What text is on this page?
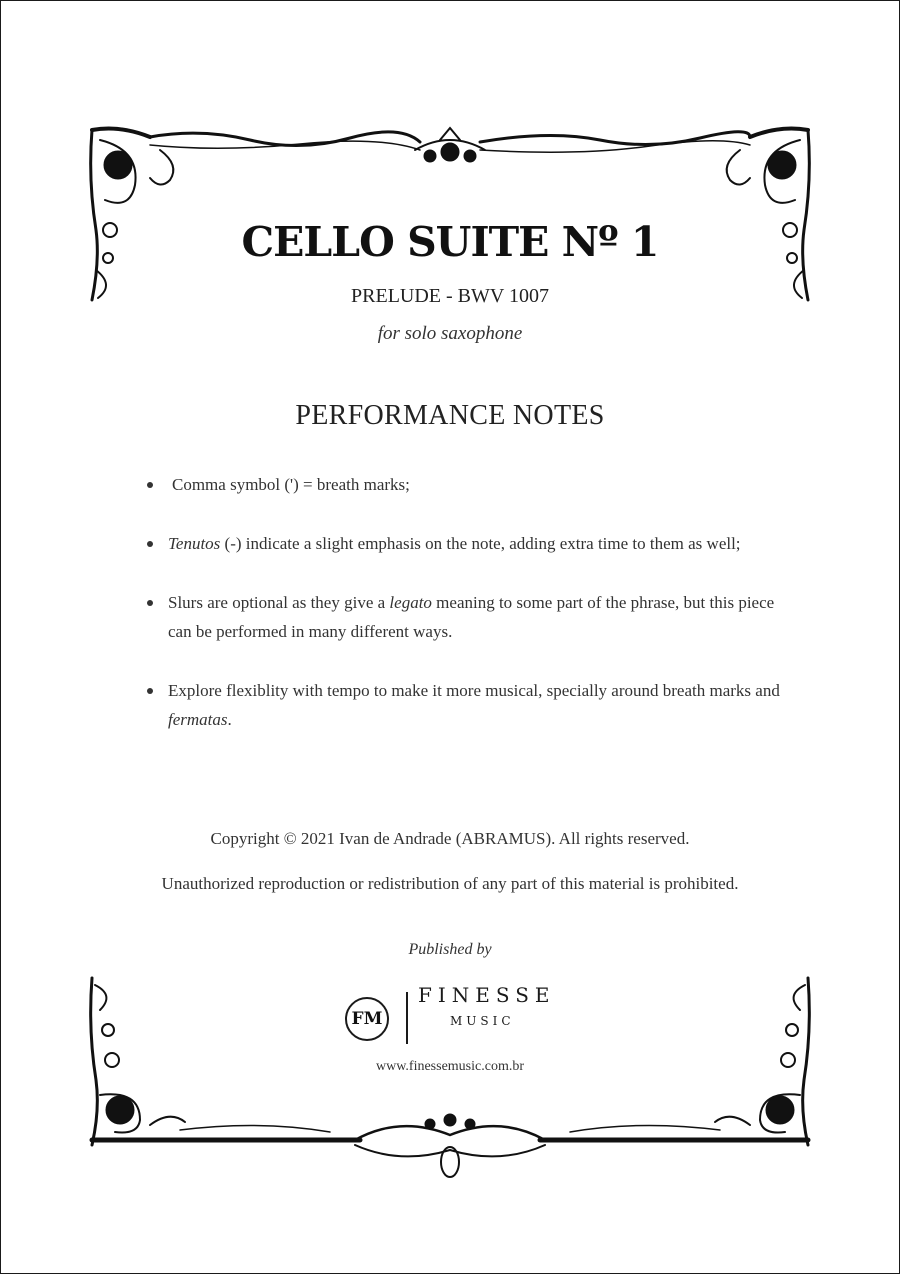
CELLO SUITE Nº 1
PRELUDE - BWV 1007
for solo saxophone
PERFORMANCE NOTES
Comma symbol (') = breath marks;
Tenutos (-) indicate a slight emphasis on the note, adding extra time to them as well;
Slurs are optional as they give a legato meaning to some part of the phrase, but this piece can be performed in many different ways.
Explore flexiblity with tempo to make it more musical, specially around breath marks and fermatas.
Copyright © 2021 Ivan de Andrade (ABRAMUS). All rights reserved.
Unauthorized reproduction or redistribution of any part of this material is prohibited.
Published by
FM
FINESSE
MUSIC
www.finessemusic.com.br
